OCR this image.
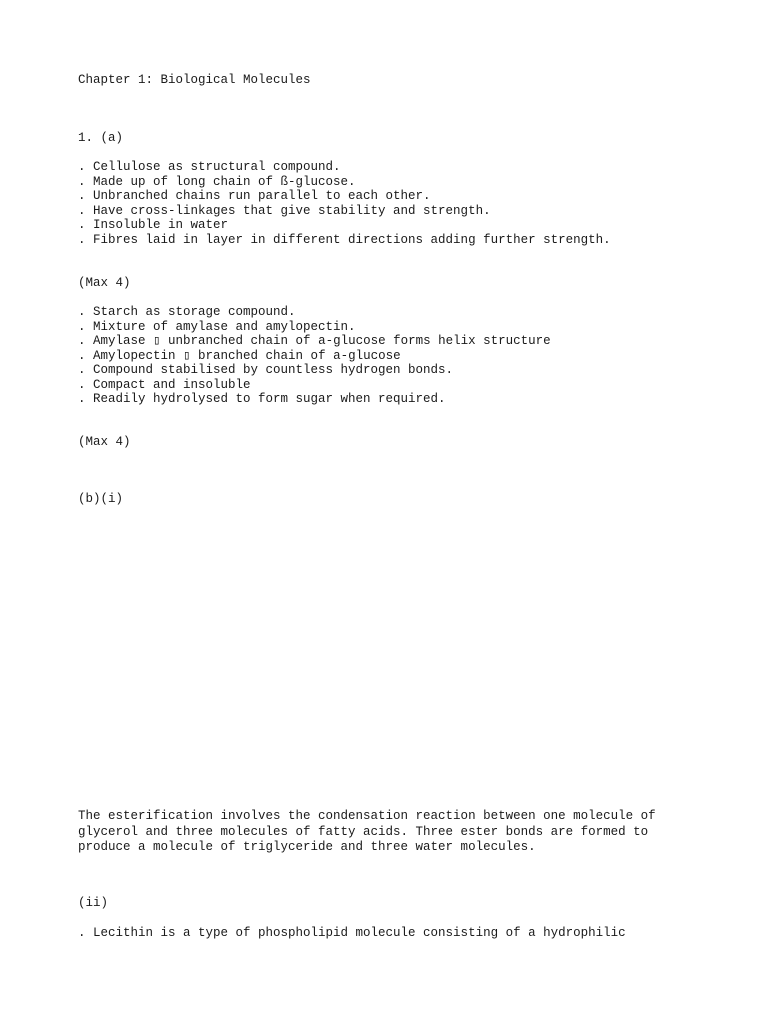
Chapter 1: Biological Molecules
1. (a)
. Cellulose as structural compound.
. Made up of long chain of ß-glucose.
. Unbranched chains run parallel to each other.
. Have cross-linkages that give stability and strength.
. Insoluble in water
. Fibres laid in layer in different directions adding further strength.
(Max 4)
. Starch as storage compound.
. Mixture of amylase and amylopectin.
. Amylase ▯ unbranched chain of a-glucose forms helix structure
. Amylopectin ▯ branched chain of a-glucose
. Compound stabilised by countless hydrogen bonds.
. Compact and insoluble
. Readily hydrolysed to form sugar when required.
(Max 4)
(b)(i)
The esterification involves the condensation reaction between one molecule of
glycerol and three molecules of fatty acids. Three ester bonds are formed to
produce a molecule of triglyceride and three water molecules.
(ii)
. Lecithin is a type of phospholipid molecule consisting of a hydrophilic
